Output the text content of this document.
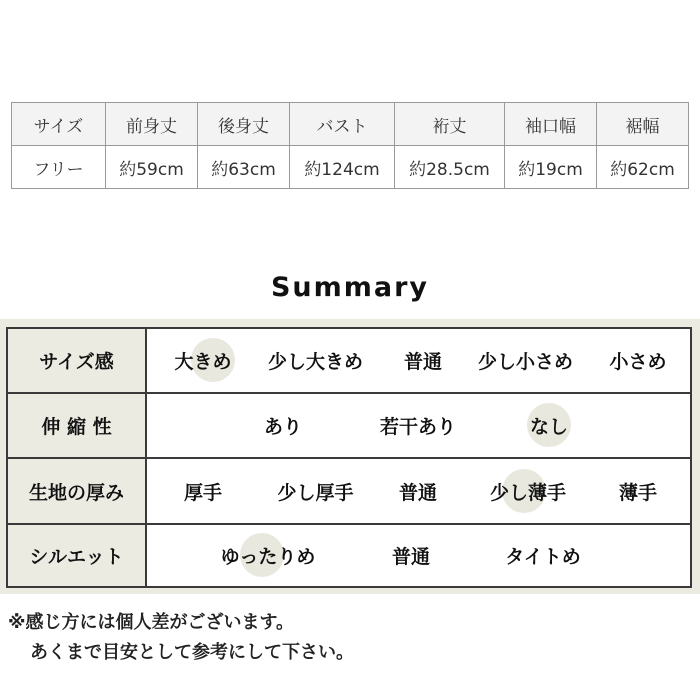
サイズ	前身丈	後身丈	バスト	裄丈	袖口幅	裾幅
フリー	約59cm	約63cm	約124cm	約28.5cm	約19cm	約62cm
Summary
サイズ感	大きめ	少し大きめ	普通	少し小さめ	小さめ
伸 縮 性	あり	若干あり	なし
生地の厚み	厚手	少し厚手	普通	少し薄手	薄手
シルエット	ゆったりめ	普通	タイトめ
※感じ方には個人差がございます。
あくまで目安として参考にして下さい。
